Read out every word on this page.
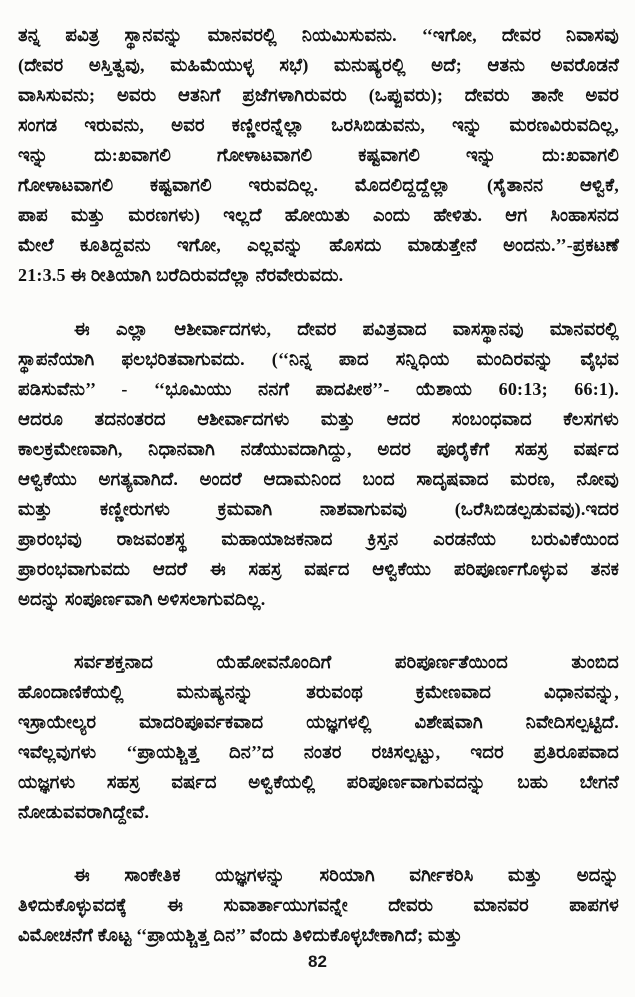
ತನ್ನ ಪವಿತ್ರ ಸ್ಥಾನವನ್ನು ಮಾನವರಲ್ಲಿ ನಿಯಮಿಸುವನು. ‘‘ಇಗೋ, ದೇವರ ನಿವಾಸವು
(ದೇವರ ಅಸ್ತಿತ್ವವು, ಮಹಿಮೆಯುಳ್ಳ ಸಭೆ) ಮನುಷ್ಯರಲ್ಲಿ ಅದೆ; ಆತನು ಅವರೊಡನೆ
ವಾಸಿಸುವನು; ಅವರು ಆತನಿಗೆ ಪ್ರಜೆಗಳಾಗಿರುವರು (ಒಪ್ಪುವರು); ದೇವರು ತಾನೇ ಅವರ
ಸಂಗಡ ಇರುವನು, ಅವರ ಕಣ್ಣೀರನ್ನೆಲ್ಲಾ ಒರಸಿಬಿಡುವನು, ಇನ್ನು ಮರಣವಿರುವದಿಲ್ಲ,
ಇನ್ನು ದು:ಖವಾಗಲಿ ಗೋಳಾಟವಾಗಲಿ ಕಷ್ಟವಾಗಲಿ ಇನ್ನು ದು:ಖವಾಗಲಿ
ಗೋಳಾಟವಾಗಲಿ ಕಷ್ಟವಾಗಲಿ ಇರುವದಿಲ್ಲ. ಮೊದಲಿದ್ದದ್ದೆಲ್ಲಾ (ಸೈತಾನನ ಆಳ್ವಿಕೆ,
ಪಾಪ ಮತ್ತು ಮರಣಗಳು) ಇಲ್ಲದೆ ಹೋಯಿತು ಎಂದು ಹೇಳಿತು. ಆಗ ಸಿಂಹಾಸನದ
ಮೇಲೆ ಕೂತಿದ್ದವನು ಇಗೋ, ಎಲ್ಲವನ್ನು ಹೊಸದು ಮಾಡುತ್ತೇನೆ ಅಂದನು.’’-ಪ್ರಕಟಣೆ
21:3.5 ಈ ರೀತಿಯಾಗಿ ಬರೆದಿರುವದೆಲ್ಲಾ ನೆರವೇರುವದು.
ಈ ಎಲ್ಲಾ ಆಶೀರ್ವಾದಗಳು, ದೇವರ ಪವಿತ್ರವಾದ ವಾಸಸ್ಥಾನವು ಮಾನವರಲ್ಲಿ
ಸ್ಥಾಪನೆಯಾಗಿ ಫಲಭರಿತವಾಗುವದು. (‘‘ನಿನ್ನ ಪಾದ ಸನ್ನಿಧಿಯ ಮಂದಿರವನ್ನು ವೈಭವ
ಪಡಿಸುವೆನು’’ - ‘‘ಭೂಮಿಯು ನನಗೆ ಪಾದಪೀಠ’’- ಯೆಶಾಯ 60:13; 66:1).
ಆದರೂ ತದನಂತರದ ಆಶೀರ್ವಾದಗಳು ಮತ್ತು ಆದರ ಸಂಬಂಧವಾದ ಕೆಲಸಗಳು
ಕಾಲಕ್ರಮೇಣವಾಗಿ, ನಿಧಾನವಾಗಿ ನಡೆಯುವದಾಗಿದ್ದು, ಅದರ ಪೂರೈಕೆಗೆ ಸಹಸ್ರ ವರ್ಷದ
ಆಳ್ವಿಕೆಯು ಅಗತ್ಯವಾಗಿದೆ. ಅಂದರೆ ಆದಾಮನಿಂದ ಬಂದ ಸಾದೃಷವಾದ ಮರಣ, ನೋವು
ಮತ್ತು ಕಣ್ಣೀರುಗಳು ಕ್ರಮವಾಗಿ ನಾಶವಾಗುವವು (ಒರೆಸಿಬಿಡಲ್ಪಡುವವು).ಇದರ
ಪ್ರಾರಂಭವು ರಾಜವಂಶಸ್ಥ ಮಹಾಯಾಜಕನಾದ ಕ್ರಿಸ್ತನ ಎರಡನೆಯ ಬರುವಿಕೆಯಿಂದ
ಪ್ರಾರಂಭವಾಗುವದು ಆದರೆ ಈ ಸಹಸ್ರ ವರ್ಷದ ಆಳ್ವಿಕೆಯು ಪರಿಪೂರ್ಣಗೊಳ್ಳುವ ತನಕ
ಅದನ್ನು ಸಂಪೂರ್ಣವಾಗಿ ಅಳಿಸಲಾಗುವದಿಲ್ಲ.
ಸರ್ವಶಕ್ತನಾದ ಯೆಹೋವನೊಂದಿಗೆ ಪರಿಪೂರ್ಣತೆಯಿಂದ ತುಂಬಿದ
ಹೊಂದಾಣಿಕೆಯಲ್ಲಿ ಮನುಷ್ಯನನ್ನು ತರುವಂಥ ಕ್ರಮೇಣವಾದ ವಿಧಾನವನ್ನು,
ಇಸ್ರಾಯೇಲ್ಯರ ಮಾದರಿಪೂರ್ವಕವಾದ ಯಜ್ಞಗಳಲ್ಲಿ ವಿಶೇಷವಾಗಿ ನಿವೇದಿಸಲ್ಪಟ್ಟಿದೆ.
ಇವೆಲ್ಲವುಗಳು ‘‘ಪ್ರಾಯಶ್ಚಿತ್ತ ದಿನ’’ದ ನಂತರ ರಚಿಸಲ್ಪಟ್ಟು, ಇದರ ಪ್ರತಿರೂಪವಾದ
ಯಜ್ಞಗಳು ಸಹಸ್ರ ವರ್ಷದ ಅಳ್ವಿಕೆಯಲ್ಲಿ ಪರಿಪೂರ್ಣವಾಗುವದನ್ನು ಬಹು ಬೇಗನೆ
ನೋಡುವವರಾಗಿದ್ದೇವೆ.
ಈ ಸಾಂಕೇತಿಕ ಯಜ್ಞಗಳನ್ನು ಸರಿಯಾಗಿ ವರ್ಗೀಕರಿಸಿ ಮತ್ತು ಅದನ್ನು
ತಿಳಿದುಕೊಳ್ಳುವದಕ್ಕೆ ಈ ಸುವಾರ್ತಾಯುಗವನ್ನೇ ದೇವರು ಮಾನವರ ಪಾಪಗಳ
ವಿಮೋಚನೆಗೆ ಕೊಟ್ಟ ‘‘ಪ್ರಾಯಶ್ಚಿತ್ತ ದಿನ’’ ವೆಂದು ತಿಳಿದುಕೊಳ್ಳಬೇಕಾಗಿದೆ; ಮತ್ತು
82
